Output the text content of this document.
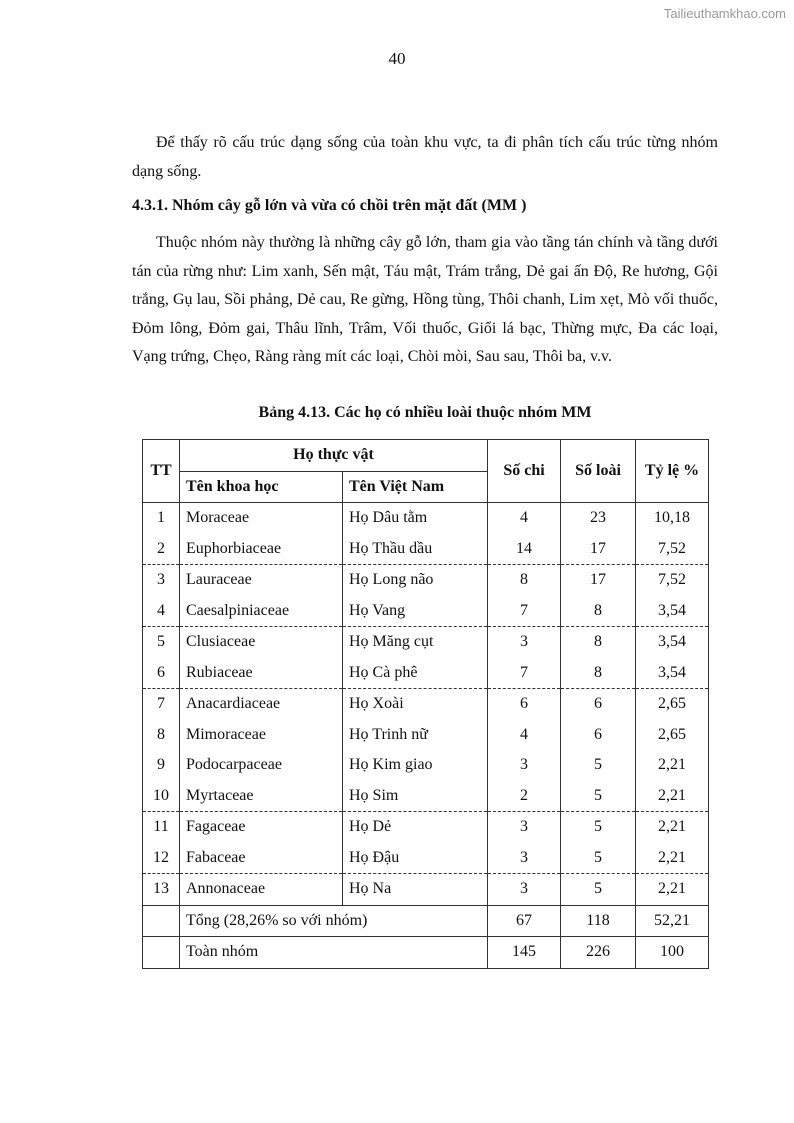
Tailieuthamkhao.com
40

Để thấy rõ cấu trúc dạng sống của toàn khu vực, ta đi phân tích cấu trúc từng nhóm dạng sống.

4.3.1. Nhóm cây gỗ lớn và vừa có chồi trên mặt đất (MM )

Thuộc nhóm này thường là những cây gỗ lớn, tham gia vào tầng tán chính và tầng dưới tán của rừng như: Lim xanh, Sến mật, Táu mật, Trám trắng, Dẻ gai ấn Độ, Re hương, Gội trắng, Gụ lau, Sồi phảng, Dẻ cau, Re gừng, Hồng tùng, Thôi chanh, Lim xẹt, Mò vối thuốc, Đỏm lông, Đỏm gai, Thâu lĩnh, Trâm, Vối thuốc, Giổi lá bạc, Thừng mực, Đa các loại, Vạng trứng, Chẹo, Ràng ràng mít các loại, Chòi mòi, Sau sau, Thôi ba, v.v.

Bảng 4.13. Các họ có nhiều loài thuộc nhóm MM
TT	Họ thực vật		Số chi	Số loài	Tỷ lệ %
	Tên khoa học	Tên Việt Nam			
1	Moraceae	Họ Dâu tằm	4	23	10,18
2	Euphorbiaceae	Họ Thầu dầu	14	17	7,52
3	Lauraceae	Họ Long não	8	17	7,52
4	Caesalpiniaceae	Họ Vang	7	8	3,54
5	Clusiaceae	Họ Măng cụt	3	8	3,54
6	Rubiaceae	Họ Cà phê	7	8	3,54
7	Anacardiaceae	Họ Xoài	6	6	2,65
8	Mimoraceae	Họ Trinh nữ	4	6	2,65
9	Podocarpaceae	Họ Kim giao	3	5	2,21
10	Myrtaceae	Họ Sim	2	5	2,21
11	Fagaceae	Họ Dẻ	3	5	2,21
12	Fabaceae	Họ Đậu	3	5	2,21
13	Annonaceae	Họ Na	3	5	2,21
	Tổng (28,26% so với nhóm)		67	118	52,21
	Toàn nhóm		145	226	100
